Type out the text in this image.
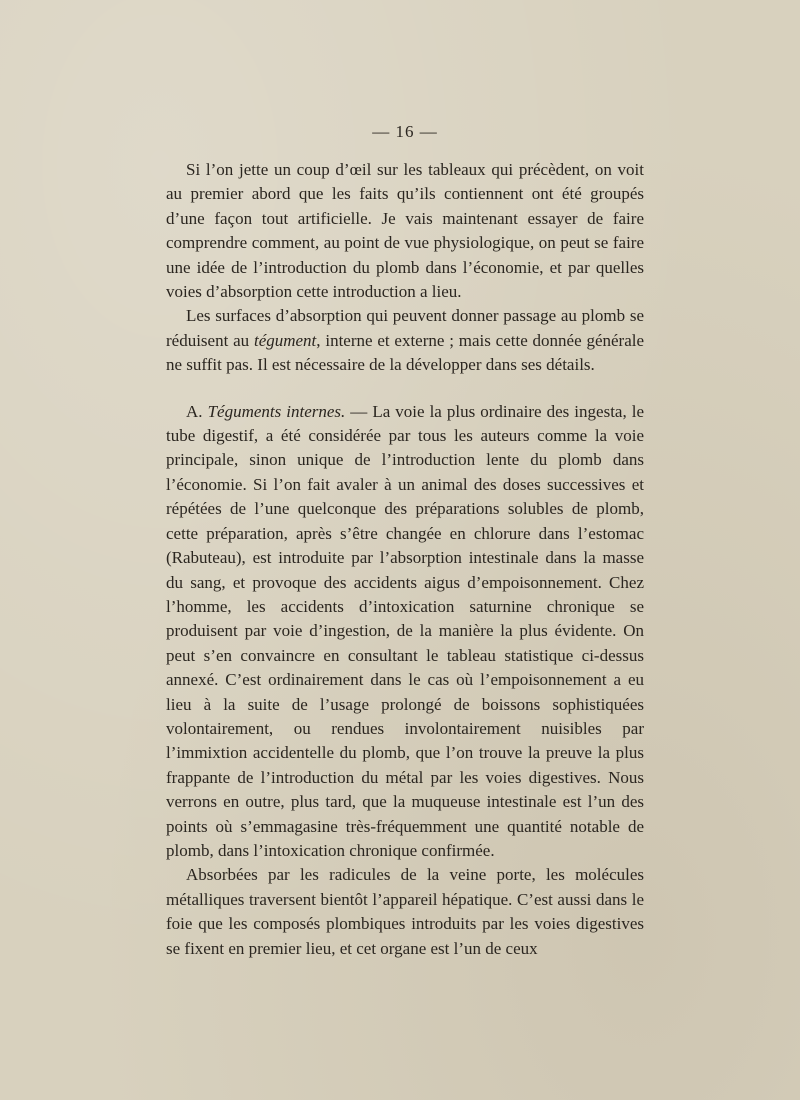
— 16 —

Si l’on jette un coup d’œil sur les tableaux qui précèdent, on voit au premier abord que les faits qu’ils contiennent ont été groupés d’une façon tout artificielle. Je vais maintenant essayer de faire comprendre comment, au point de vue physiologique, on peut se faire une idée de l’introduction du plomb dans l’économie, et par quelles voies d’absorption cette introduction a lieu.

Les surfaces d’absorption qui peuvent donner passage au plomb se réduisent au tégument, interne et externe ; mais cette donnée générale ne suffit pas. Il est nécessaire de la développer dans ses détails.

A. Téguments internes. — La voie la plus ordinaire des ingesta, le tube digestif, a été considérée par tous les auteurs comme la voie principale, sinon unique de l’introduction lente du plomb dans l’économie. Si l’on fait avaler à un animal des doses successives et répétées de l’une quelconque des préparations solubles de plomb, cette préparation, après s’être changée en chlorure dans l’estomac (Rabuteau), est introduite par l’absorption intestinale dans la masse du sang, et provoque des accidents aigus d’empoisonnement. Chez l’homme, les accidents d’intoxication saturnine chronique se produisent par voie d’ingestion, de la manière la plus évidente. On peut s’en convaincre en consultant le tableau statistique ci-dessus annexé. C’est ordinairement dans le cas où l’empoisonnement a eu lieu à la suite de l’usage prolongé de boissons sophistiquées volontairement, ou rendues involontairement nuisibles par l’immixtion accidentelle du plomb, que l’on trouve la preuve la plus frappante de l’introduction du métal par les voies digestives. Nous verrons en outre, plus tard, que la muqueuse intestinale est l’un des points où s’emmagasine très-fréquemment une quantité notable de plomb, dans l’intoxication chronique confirmée.

Absorbées par les radicules de la veine porte, les molécules métalliques traversent bientôt l’appareil hépatique. C’est aussi dans le foie que les composés plombiques introduits par les voies digestives se fixent en premier lieu, et cet organe est l’un de ceux
